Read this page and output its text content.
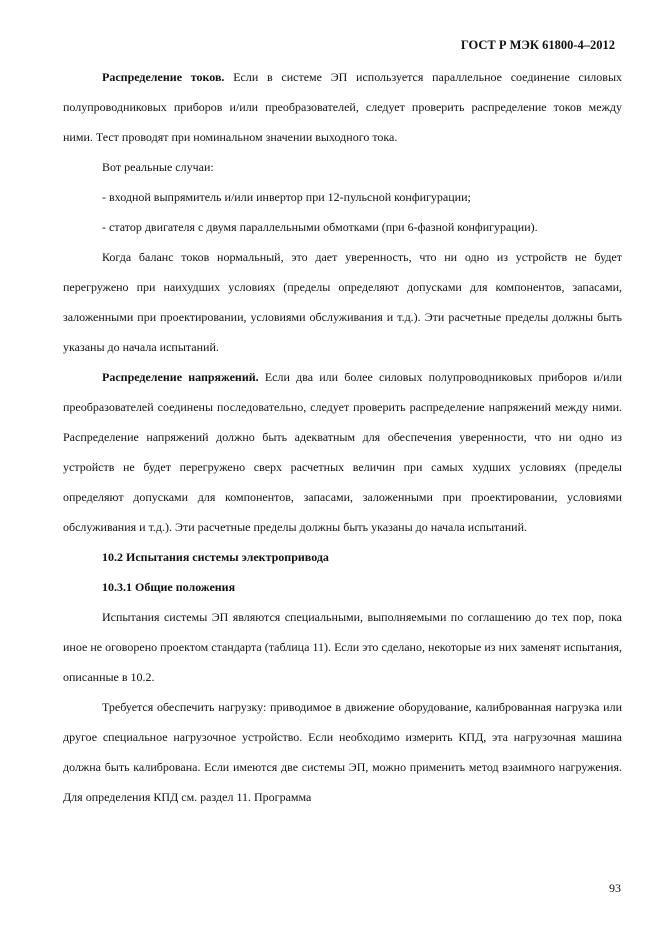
ГОСТ Р МЭК 61800-4–2012

Распределение токов. Если в системе ЭП используется параллельное соединение силовых полупроводниковых приборов и/или преобразователей, следует проверить распределение токов между ними. Тест проводят при номинальном значении выходного тока.

Вот реальные случаи:

- входной выпрямитель и/или инвертор при 12-пульсной конфигурации;

- статор двигателя с двумя параллельными обмотками (при 6-фазной конфигурации).

Когда баланс токов нормальный, это дает уверенность, что ни одно из устройств не будет перегружено при наихудших условиях (пределы определяют допусками для компонентов, запасами, заложенными при проектировании, условиями обслуживания и т.д.). Эти расчетные пределы должны быть указаны до начала испытаний.

Распределение напряжений. Если два или более силовых полупроводниковых приборов и/или преобразователей соединены последовательно, следует проверить распределение напряжений между ними. Распределение напряжений должно быть адекватным для обеспечения уверенности, что ни одно из устройств не будет перегружено сверх расчетных величин при самых худших условиях (пределы определяют допусками для компонентов, запасами, заложенными при проектировании, условиями обслуживания и т.д.). Эти расчетные пределы должны быть указаны до начала испытаний.

10.2 Испытания системы электропривода

10.3.1 Общие положения

Испытания системы ЭП являются специальными, выполняемыми по соглашению до тех пор, пока иное не оговорено проектом стандарта (таблица 11). Если это сделано, некоторые из них заменят испытания, описанные в 10.2.

Требуется обеспечить нагрузку: приводимое в движение оборудование, калиброванная нагрузка или другое специальное нагрузочное устройство. Если необходимо измерить КПД, эта нагрузочная машина должна быть калибрована. Если имеются две системы ЭП, можно применить метод взаимного нагружения. Для определения КПД см. раздел 11. Программа

93
